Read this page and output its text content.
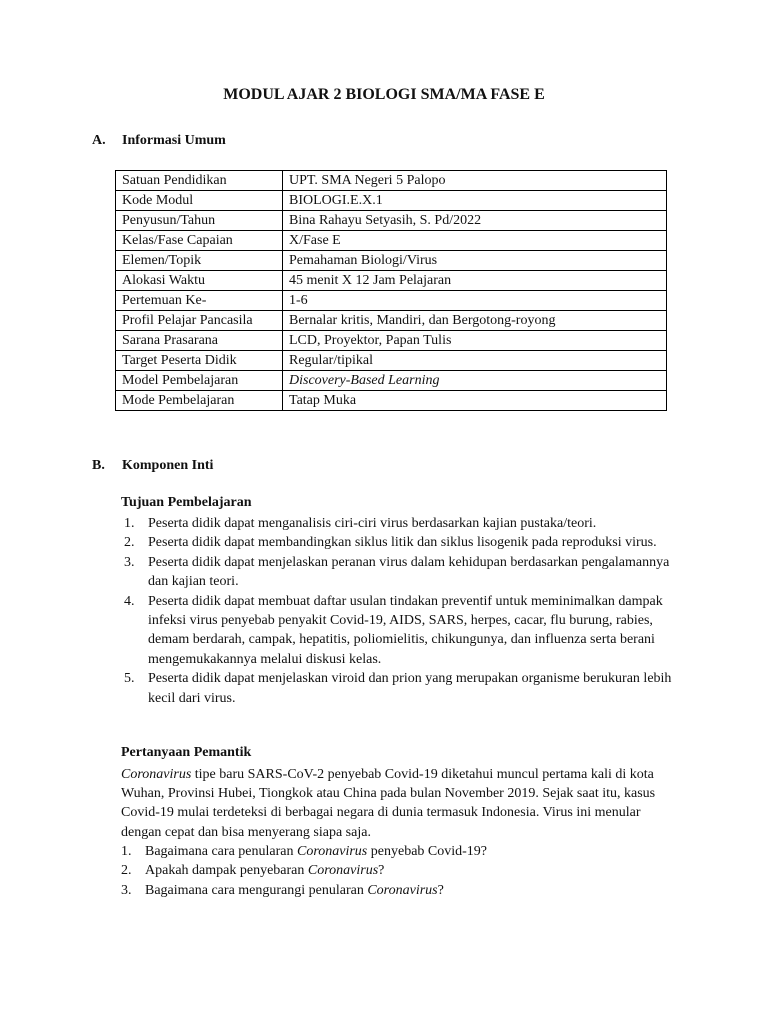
MODUL AJAR 2 BIOLOGI SMA/MA FASE E
A. Informasi Umum
Satuan Pendidikan	UPT. SMA Negeri 5 Palopo
Kode Modul	BIOLOGI.E.X.1
Penyusun/Tahun	Bina Rahayu Setyasih, S. Pd/2022
Kelas/Fase Capaian	X/Fase E
Elemen/Topik	Pemahaman Biologi/Virus
Alokasi Waktu	45 menit X 12 Jam Pelajaran
Pertemuan Ke-	1-6
Profil Pelajar Pancasila	Bernalar kritis, Mandiri, dan Bergotong-royong
Sarana Prasarana	LCD, Proyektor, Papan Tulis
Target Peserta Didik	Regular/tipikal
Model Pembelajaran	Discovery-Based Learning
Mode Pembelajaran	Tatap Muka
B. Komponen Inti
Tujuan Pembelajaran
1. Peserta didik dapat menganalisis ciri-ciri virus berdasarkan kajian pustaka/teori.
2. Peserta didik dapat membandingkan siklus litik dan siklus lisogenik pada reproduksi virus.
3. Peserta didik dapat menjelaskan peranan virus dalam kehidupan berdasarkan pengalamannya dan kajian teori.
4. Peserta didik dapat membuat daftar usulan tindakan preventif untuk meminimalkan dampak infeksi virus penyebab penyakit Covid-19, AIDS, SARS, herpes, cacar, flu burung, rabies, demam berdarah, campak, hepatitis, poliomielitis, chikungunya, dan influenza serta berani mengemukakannya melalui diskusi kelas.
5. Peserta didik dapat menjelaskan viroid dan prion yang merupakan organisme berukuran lebih kecil dari virus.
Pertanyaan Pemantik

Coronavirus tipe baru SARS-CoV-2 penyebab Covid-19 diketahui muncul pertama kali di kota Wuhan, Provinsi Hubei, Tiongkok atau China pada bulan November 2019. Sejak saat itu, kasus Covid-19 mulai terdeteksi di berbagai negara di dunia termasuk Indonesia. Virus ini menular dengan cepat dan bisa menyerang siapa saja.

1. Bagaimana cara penularan Coronavirus penyebab Covid-19?
2. Apakah dampak penyebaran Coronavirus?
3. Bagaimana cara mengurangi penularan Coronavirus?
